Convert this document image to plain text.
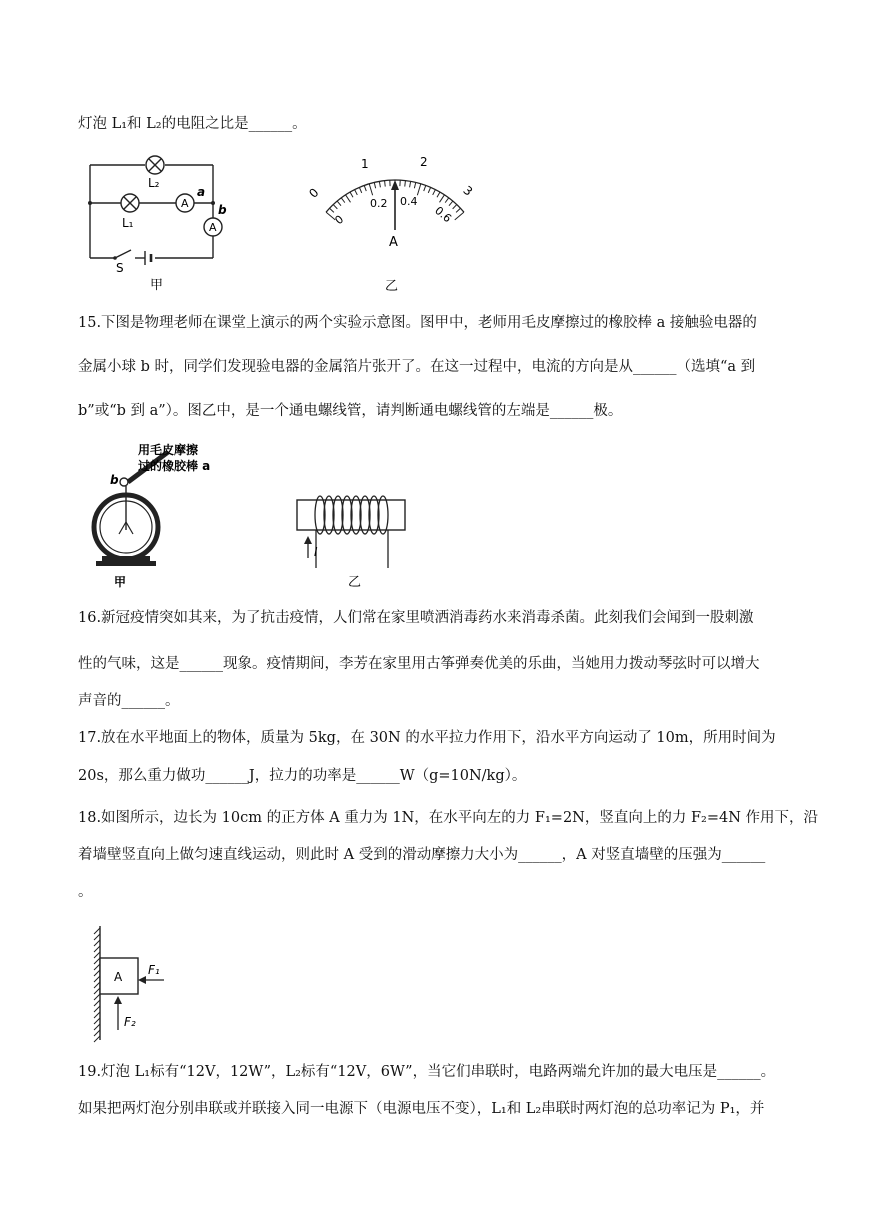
灯泡 L₁和 L₂的电阻之比是______。
A
A
L₂
L₁
a
b
S
甲
0
1	2
3
0
0.2 0.4
0.6
A
乙
15.下图是物理老师在课堂上演示的两个实验示意图。图甲中，老师用毛皮摩擦过的橡胶棒 a 接触验电器的
金属小球 b 时，同学们发现验电器的金属箔片张开了。在这一过程中，电流的方向是从______（选填“a 到
b”或“b 到 a”）。图乙中，是一个通电螺线管，请判断通电螺线管的左端是______极。
用毛皮摩擦
过的橡胶棒 a
b
甲
I
乙
16.新冠疫情突如其来，为了抗击疫情，人们常在家里喷洒消毒药水来消毒杀菌。此刻我们会闻到一股刺激
性的气味，这是______现象。疫情期间，李芳在家里用古筝弹奏优美的乐曲，当她用力拨动琴弦时可以增大
声音的______。
17.放在水平地面上的物体，质量为 5kg，在 30N 的水平拉力作用下，沿水平方向运动了 10m，所用时间为
20s，那么重力做功______J，拉力的功率是______W（g=10N/kg）。
18.如图所示，边长为 10cm 的正方体 A 重力为 1N，在水平向左的力 F₁=2N，竖直向上的力 F₂=4N 作用下，沿
着墙壁竖直向上做匀速直线运动，则此时 A 受到的滑动摩擦力大小为______，A 对竖直墙壁的压强为______
。
A F₁
F₂
19.灯泡 L₁标有“12V，12W”，L₂标有“12V，6W”，当它们串联时，电路两端允许加的最大电压是______。
如果把两灯泡分别串联或并联接入同一电源下（电源电压不变），L₁和 L₂串联时两灯泡的总功率记为 P₁，并
